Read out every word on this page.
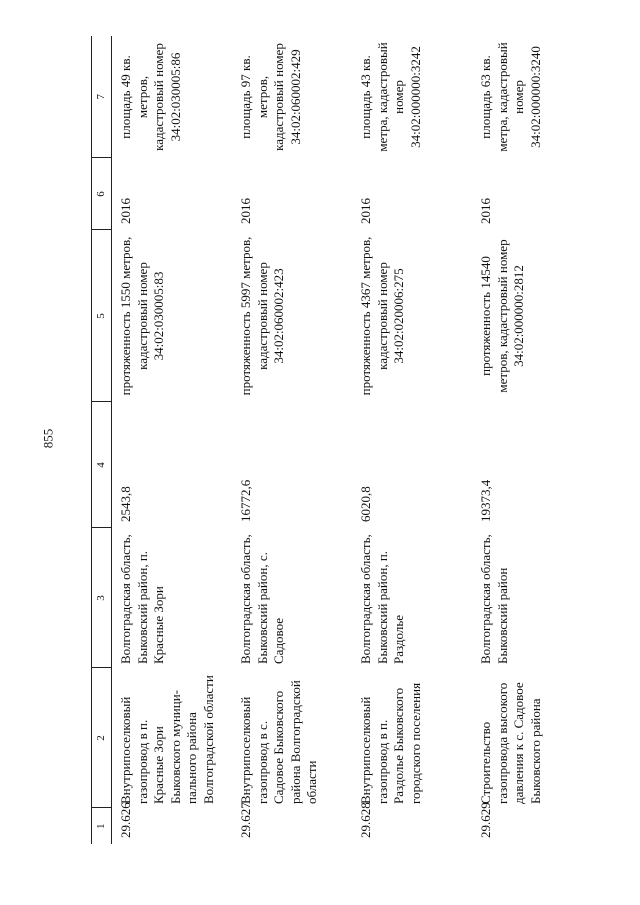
855
1	2	3	4	5	6	7
29.626	Внутрипоселковый газопровод в п. Красные Зори Быковского муници-пального района Волгоградской области	Волгоградская область, Быковский район, п. Красные Зори	2543,8	протяженность 1550 метров, кадастровый номер 34:02:030005:83	2016	площадь 49 кв. метров, кадастровый номер 34:02:030005:86
29.627	Внутрипоселковый газопровод в с. Садовое Быковского района Волгоградской области	Волгоградская область, Быковский район, с. Садовое	16772,6	протяженность 5997 метров, кадастровый номер 34:02:060002:423	2016	площадь 97 кв. метров, кадастровый номер 34:02:060002:429
29.628	Внутрипоселковый газопровод в п. Раздолье Быковского городского поселения	Волгоградская область, Быковский район, п. Раздолье	6020,8	протяженность 4367 метров, кадастровый номер 34:02:020006:275	2016	площадь 43 кв. метра, кадастровый номер 34:02:000000:3242
29.629	Строительство газопровода высокого давления к с. Садовое Быковского района	Волгоградская область, Быковский район	19373,4	протяженность 14540 метров, кадастровый номер 34:02:000000:2812	2016	площадь 63 кв. метра, кадастровый номер 34:02:000000:3240
